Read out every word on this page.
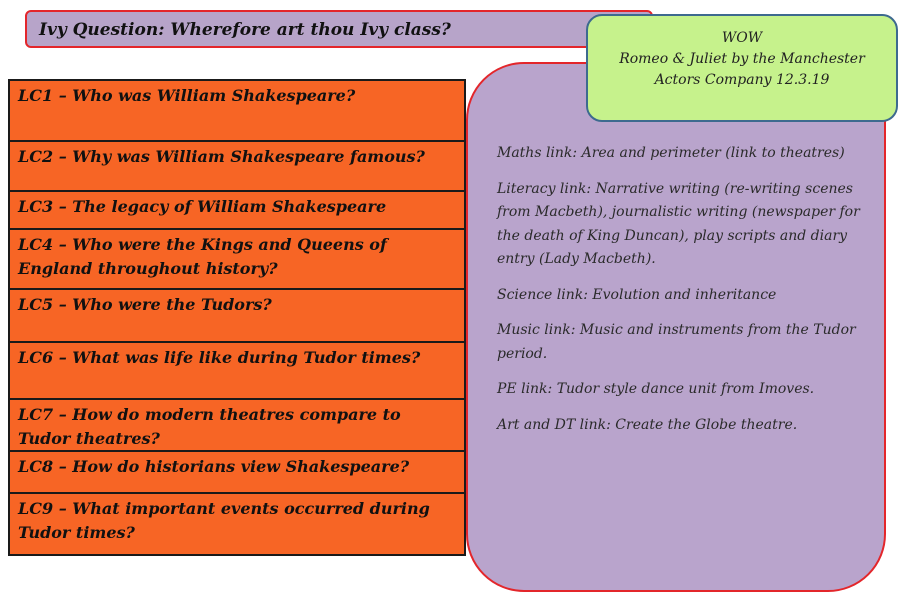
Ivy Question: Wherefore art thou Ivy class?

Maths link: Area and perimeter (link to theatres)

Literacy link: Narrative writing (re-writing scenes from Macbeth), journalistic writing (newspaper for the death of King Duncan), play scripts and diary entry (Lady Macbeth).

Science link: Evolution and inheritance

Music link: Music and instruments from the Tudor period.

PE link: Tudor style dance unit from Imoves.

Art and DT link: Create the Globe theatre.

WOW
Romeo & Juliet by the Manchester
Actors Company 12.3.19
LC1 – Who was William Shakespeare?
LC2 – Why was William Shakespeare famous?
LC3 – The legacy of William Shakespeare
LC4 – Who were the Kings and Queens of England throughout history?
LC5 – Who were the Tudors?
LC6 – What was life like during Tudor times?
LC7 – How do modern theatres compare to Tudor theatres?
LC8 – How do historians view Shakespeare?
LC9 – What important events occurred during Tudor times?
